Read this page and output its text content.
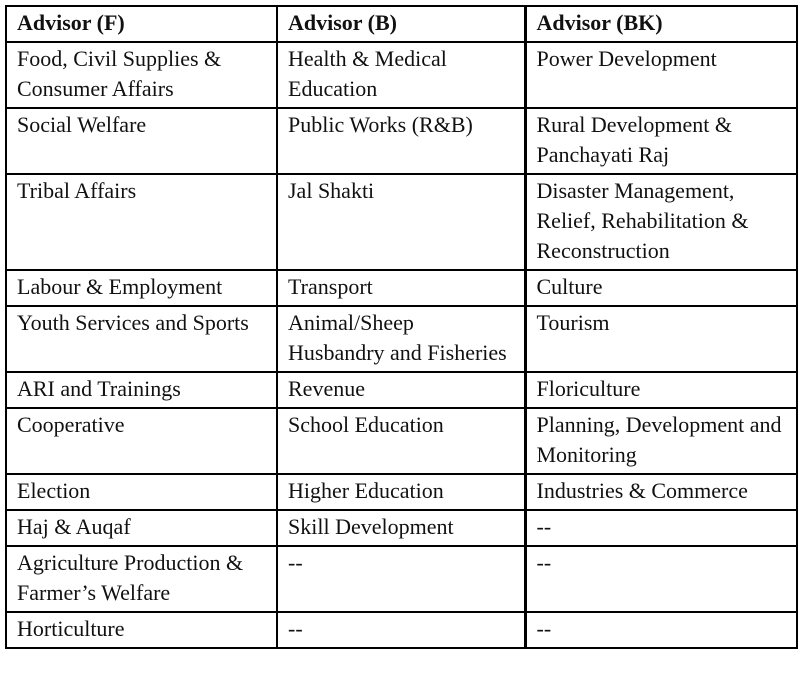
Advisor (F)	Advisor (B)	Advisor (BK)

Food, Civil Supplies & Consumer Affairs	Health & Medical Education	Power Development

Social Welfare	Public Works (R&B)	Rural Development & Panchayati Raj

Tribal Affairs	Jal Shakti	Disaster Management, Relief, Rehabilitation & Reconstruction

Labour & Employment	Transport	Culture

Youth Services and Sports	Animal/Sheep Husbandry and Fisheries	Tourism

ARI and Trainings	Revenue	Floriculture

Cooperative	School Education	Planning, Development and Monitoring

Election	Higher Education	Industries & Commerce

Haj & Auqaf	Skill Development	--

Agriculture Production & Farmer’s Welfare	--	--

Horticulture	--	--
